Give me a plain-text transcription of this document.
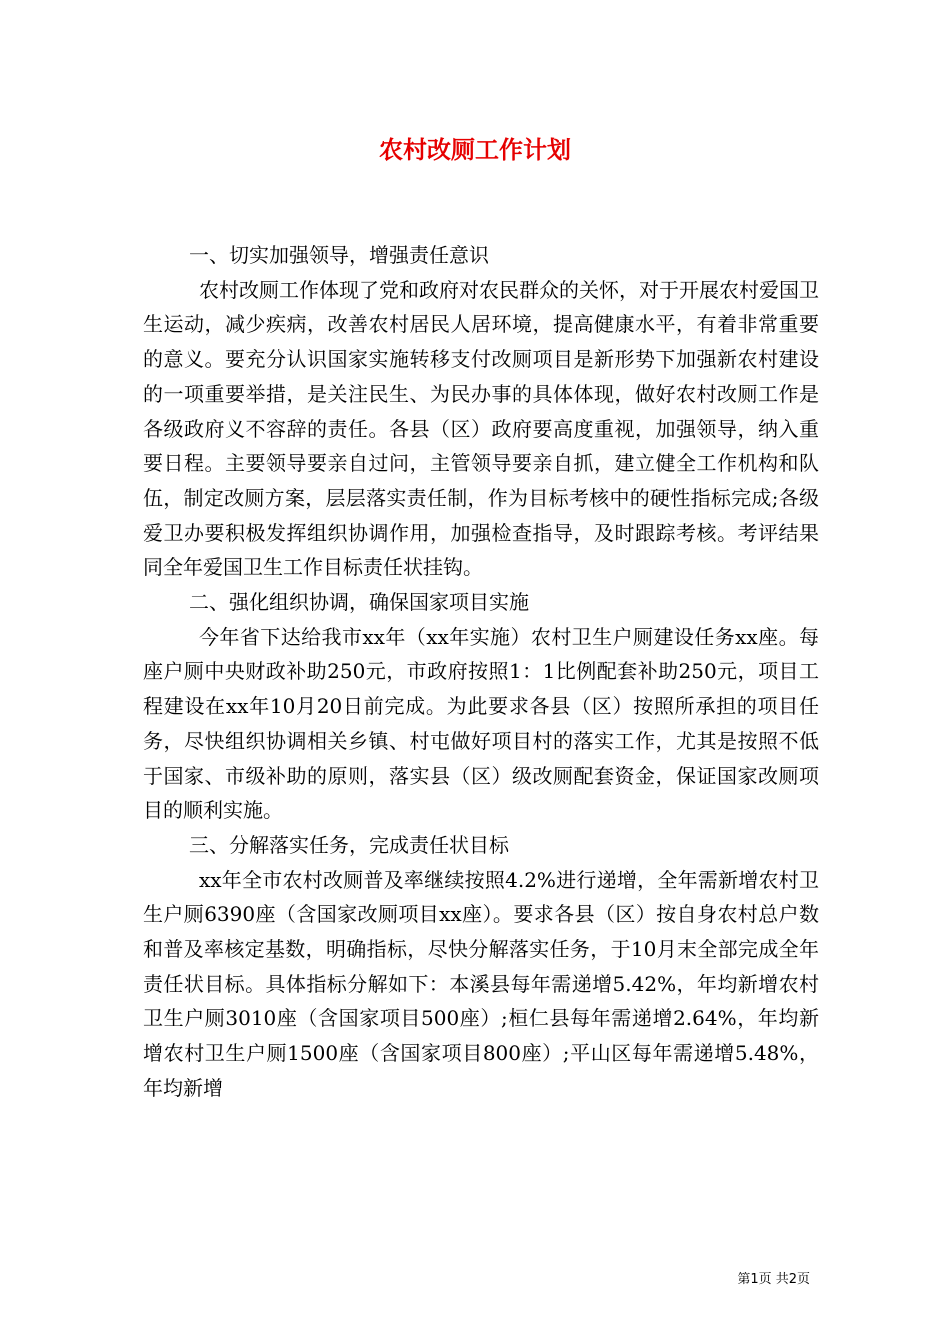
农村改厕工作计划

一、切实加强领导，增强责任意识

农村改厕工作体现了党和政府对农民群众的关怀，对于开展农村爱国卫生运动，减少疾病，改善农村居民人居环境，提高健康水平，有着非常重要的意义。要充分认识国家实施转移支付改厕项目是新形势下加强新农村建设的一项重要举措，是关注民生、为民办事的具体体现，做好农村改厕工作是各级政府义不容辞的责任。各县（区）政府要高度重视，加强领导，纳入重要日程。主要领导要亲自过问，主管领导要亲自抓，建立健全工作机构和队伍，制定改厕方案，层层落实责任制，作为目标考核中的硬性指标完成;各级爱卫办要积极发挥组织协调作用，加强检查指导，及时跟踪考核。考评结果同全年爱国卫生工作目标责任状挂钩。

二、强化组织协调，确保国家项目实施

今年省下达给我市xx年（xx年实施）农村卫生户厕建设任务xx座。每座户厕中央财政补助250元，市政府按照1：1比例配套补助250元，项目工程建设在xx年10月20日前完成。为此要求各县（区）按照所承担的项目任务，尽快组织协调相关乡镇、村屯做好项目村的落实工作，尤其是按照不低于国家、市级补助的原则，落实县（区）级改厕配套资金，保证国家改厕项目的顺利实施。

三、分解落实任务，完成责任状目标

xx年全市农村改厕普及率继续按照4.2%进行递增，全年需新增农村卫生户厕6390座（含国家改厕项目xx座）。要求各县（区）按自身农村总户数和普及率核定基数，明确指标，尽快分解落实任务，于10月末全部完成全年责任状目标。具体指标分解如下：本溪县每年需递增5.42%，年均新增农村卫生户厕3010座（含国家项目500座）;桓仁县每年需递增2.64%，年均新增农村卫生户厕1500座（含国家项目800座）;平山区每年需递增5.48%，年均新增

第1页 共2页
